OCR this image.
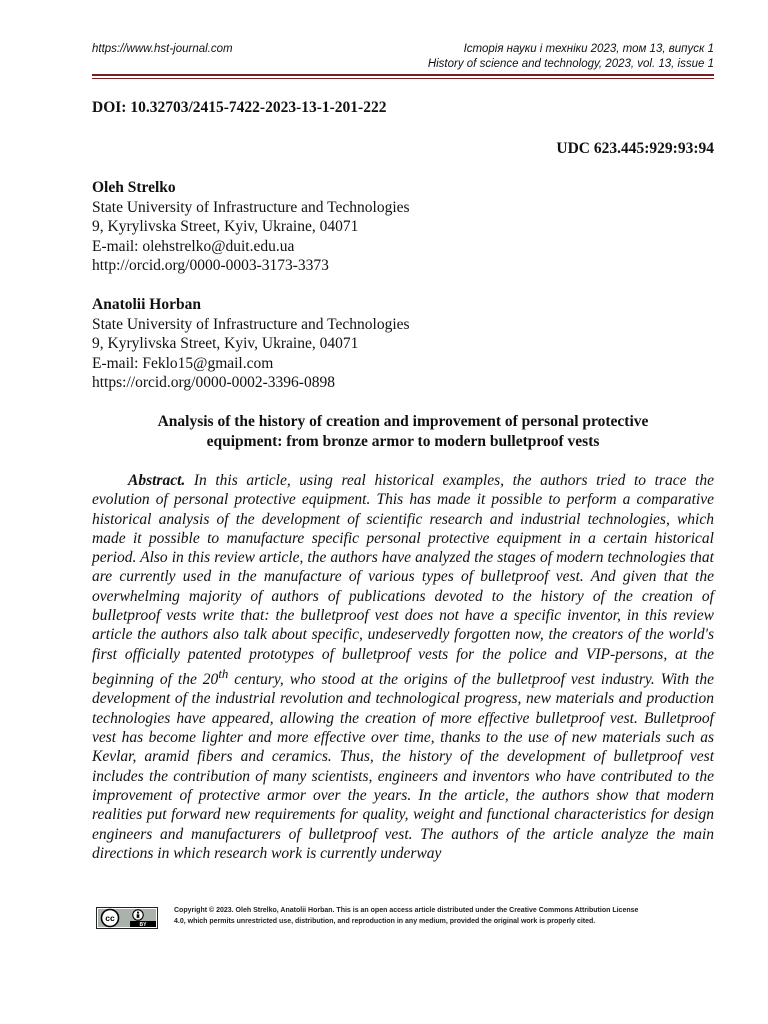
https://www.hst-journal.com	Історія науки і техніки 2023, том 13, випуск 1
History of science and technology, 2023, vol. 13, issue 1
DOI: 10.32703/2415-7422-2023-13-1-201-222
UDC 623.445:929:93:94
Oleh Strelko
State University of Infrastructure and Technologies
9, Kyrylivska Street, Kyiv, Ukraine, 04071
E-mail: olehstrelko@duit.edu.ua
http://orcid.org/0000-0003-3173-3373
Anatolii Horban
State University of Infrastructure and Technologies
9, Kyrylivska Street, Kyiv, Ukraine, 04071
E-mail: Feklo15@gmail.com
https://orcid.org/0000-0002-3396-0898
Analysis of the history of creation and improvement of personal protective
equipment: from bronze armor to modern bulletproof vests

Abstract. In this article, using real historical examples, the authors tried to trace the evolution of personal protective equipment. This has made it possible to perform a comparative historical analysis of the development of scientific research and industrial technologies, which made it possible to manufacture specific personal protective equipment in a certain historical period. Also in this review article, the authors have analyzed the stages of modern technologies that are currently used in the manufacture of various types of bulletproof vest. And given that the overwhelming majority of authors of publications devoted to the history of the creation of bulletproof vests write that: the bulletproof vest does not have a specific inventor, in this review article the authors also talk about specific, undeservedly forgotten now, the creators of the world's first officially patented prototypes of bulletproof vests for the police and VIP-persons, at the beginning of the 20th century, who stood at the origins of the bulletproof vest industry. With the development of the industrial revolution and technological progress, new materials and production technologies have appeared, allowing the creation of more effective bulletproof vest. Bulletproof vest has become lighter and more effective over time, thanks to the use of new materials such as Kevlar, aramid fibers and ceramics. Thus, the history of the development of bulletproof vest includes the contribution of many scientists, engineers and inventors who have contributed to the improvement of protective armor over the years. In the article, the authors show that modern realities put forward new requirements for quality, weight and functional characteristics for design engineers and manufacturers of bulletproof vest. The authors of the article analyze the main directions in which research work is currently underway

cc
BY
Copyright © 2023. Oleh Strelko, Anatolii Horban. This is an open access article distributed under the Creative Commons Attribution License
4.0, which permits unrestricted use, distribution, and reproduction in any medium, provided the original work is properly cited.
